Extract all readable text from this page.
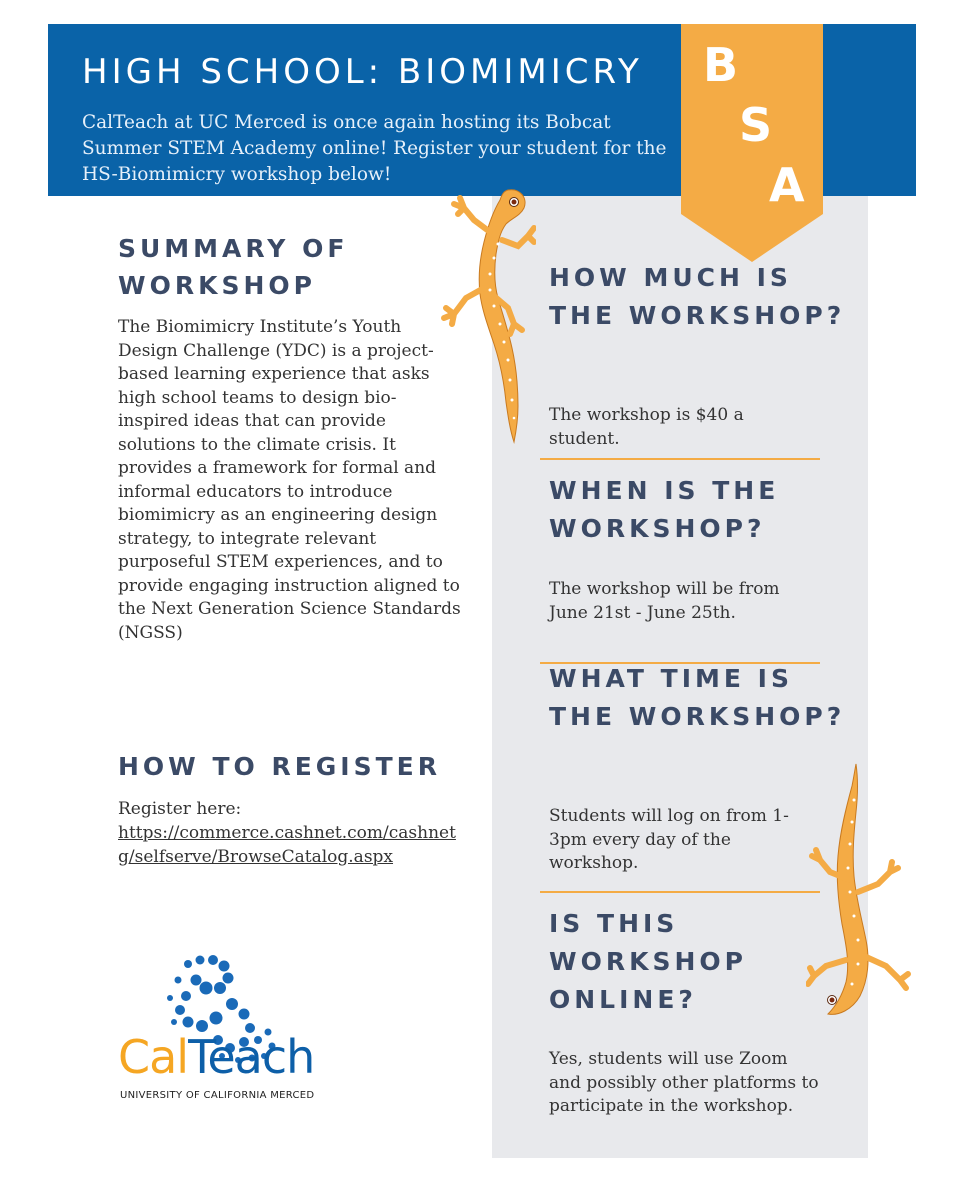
HIGH SCHOOL: BIOMIMICRY

CalTeach at UC Merced is once again hosting its Bobcat Summer STEM Academy online! Register your student for the HS-Biomimicry workshop below!

B
S
A
SUMMARY OF WORKSHOP

The Biomimicry Institute’s Youth Design Challenge (YDC) is a project-based learning experience that asks high school teams to design bio-inspired ideas that can provide solutions to the climate crisis. It provides a framework for formal and informal educators to introduce biomimicry as an engineering design strategy, to integrate relevant purposeful STEM experiences, and to provide engaging instruction aligned to the Next Generation Science Standards (NGSS)

HOW TO REGISTER

Register here:

https://commerce.cashnet.com/cashnetg/selfserve/BrowseCatalog.aspx
HOW MUCH IS THE WORKSHOP?

The workshop is $40 a student.

WHEN IS THE WORKSHOP?

The workshop will be from June 21st - June 25th.

WHAT TIME IS THE WORKSHOP?

Students will log on from 1-3pm every day of the workshop.

IS THIS WORKSHOP ONLINE?

Yes, students will use Zoom and possibly other platforms to participate in the workshop.

CalTeach
UNIVERSITY OF CALIFORNIA MERCED
